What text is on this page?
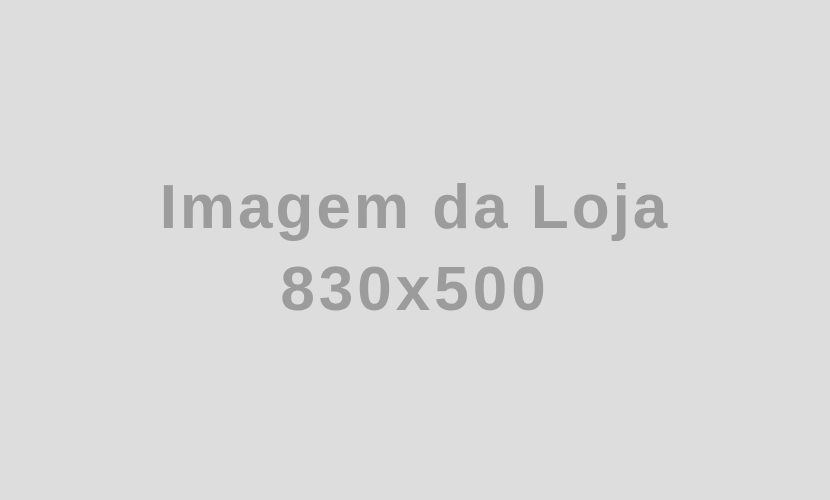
Imagem da Loja
830x500
